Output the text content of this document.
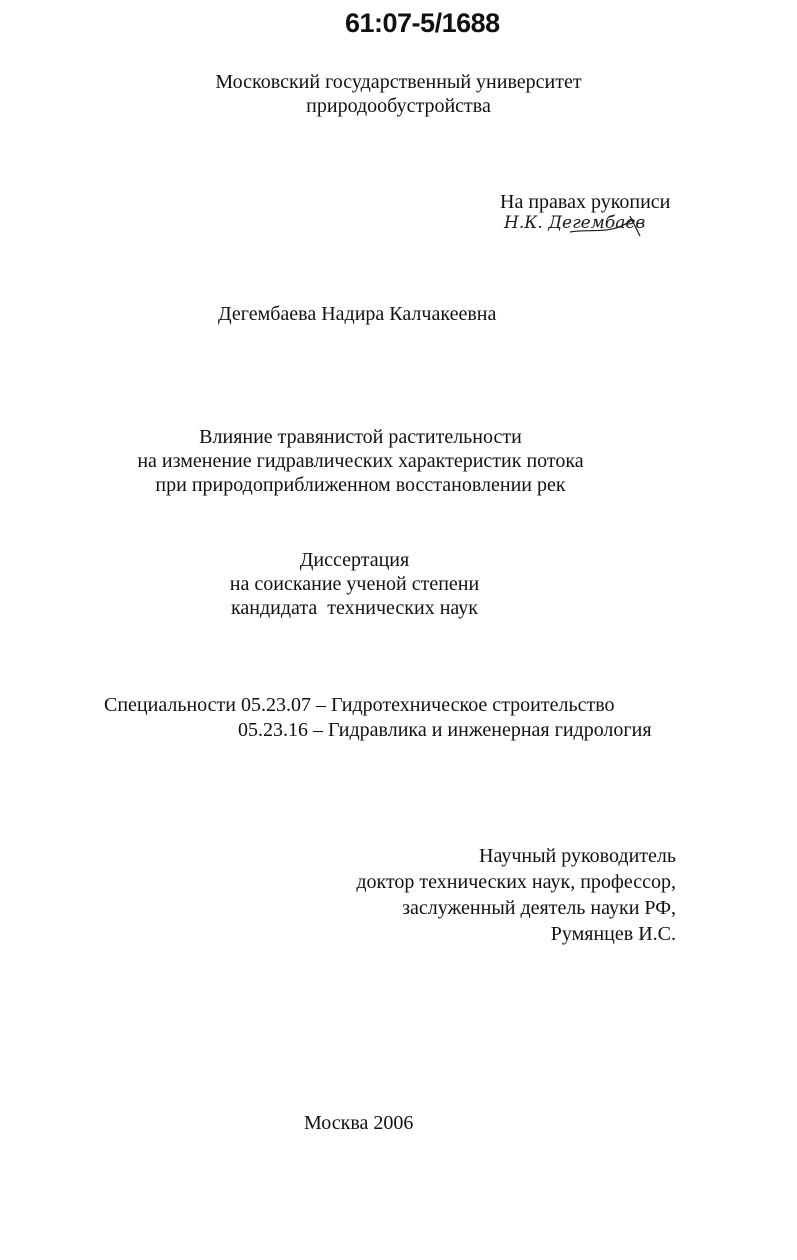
61:07-5/1688
Московский государственный университет
природообустройства
На правах рукописи
Н.К. Дегембаев
Дегембаева Надира Калчакеевна
Влияние травянистой растительности
на изменение гидравлических характеристик потока
при природоприближенном восстановлении рек
Диссертация
на соискание ученой степени
кандидата  технических наук
Специальности 05.23.07 – Гидротехническое строительство
05.23.16 – Гидравлика и инженерная гидрология
Научный руководитель
доктор технических наук, профессор,
заслуженный деятель науки РФ,
Румянцев И.С.
Москва 2006
